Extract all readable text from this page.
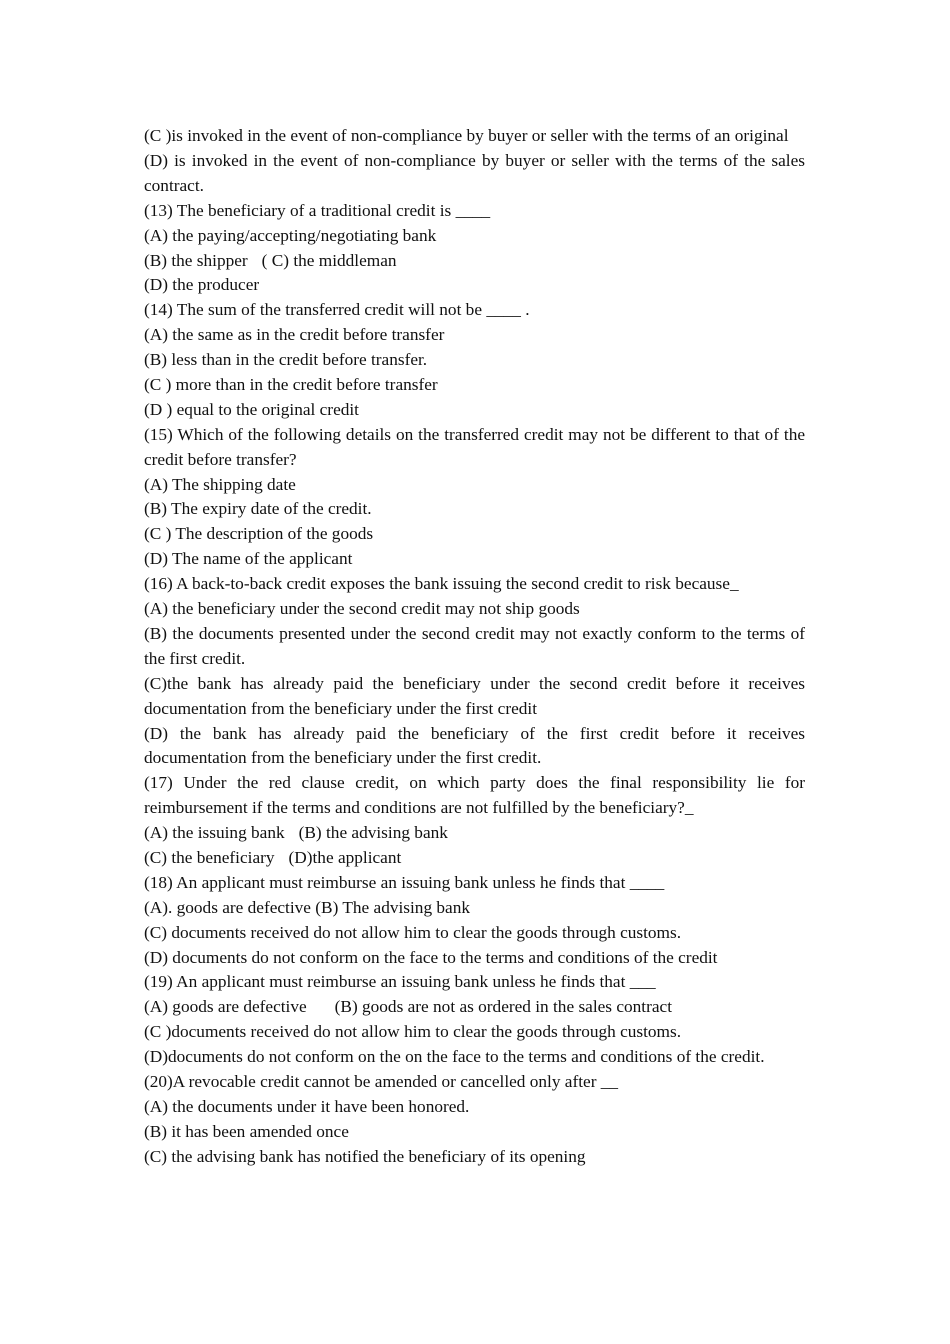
(C )is invoked in the event of non-compliance by buyer or seller with the terms of an original
(D) is invoked in the event of non-compliance by buyer or seller with the terms of the sales contract.
(13) The beneficiary of a traditional credit is ____
(A) the paying/accepting/negotiating bank
(B) the shipper ( C) the middleman
(D) the producer
(14) The sum of the transferred credit will not be ____ .
(A) the same as in the credit before transfer
(B) less than in the credit before transfer.
(C ) more than in the credit before transfer
(D ) equal to the original credit
(15) Which of the following details on the transferred credit may not be different to that of the credit before transfer?
(A) The shipping date
(B) The expiry date of the credit.
(C ) The description of the goods
(D) The name of the applicant
(16) A back-to-back credit exposes the bank issuing the second credit to risk because_
(A) the beneficiary under the second credit may not ship goods
(B) the documents presented under the second credit may not exactly conform to the terms of the first credit.
(C)the bank has already paid the beneficiary under the second credit before it receives documentation from the beneficiary under the first credit
(D) the bank has already paid the beneficiary of the first credit before it receives documentation from the beneficiary under the first credit.
(17) Under the red clause credit, on which party does the final responsibility lie for reimbursement if the terms and conditions are not fulfilled by the beneficiary?_
(A) the issuing bank (B) the advising bank
(C) the beneficiary (D)the applicant
(18) An applicant must reimburse an issuing bank unless he finds that ____
(A). goods are defective (B) The advising bank
(C) documents received do not allow him to clear the goods through customs.
(D) documents do not conform on the face to the terms and conditions of the credit
(19) An applicant must reimburse an issuing bank unless he finds that ___
(A) goods are defective (B) goods are not as ordered in the sales contract
(C )documents received do not allow him to clear the goods through customs.
(D)documents do not conform on the on the face to the terms and conditions of the credit.
(20)A revocable credit cannot be amended or cancelled only after __
(A) the documents under it have been honored.
(B) it has been amended once
(C) the advising bank has notified the beneficiary of its opening
